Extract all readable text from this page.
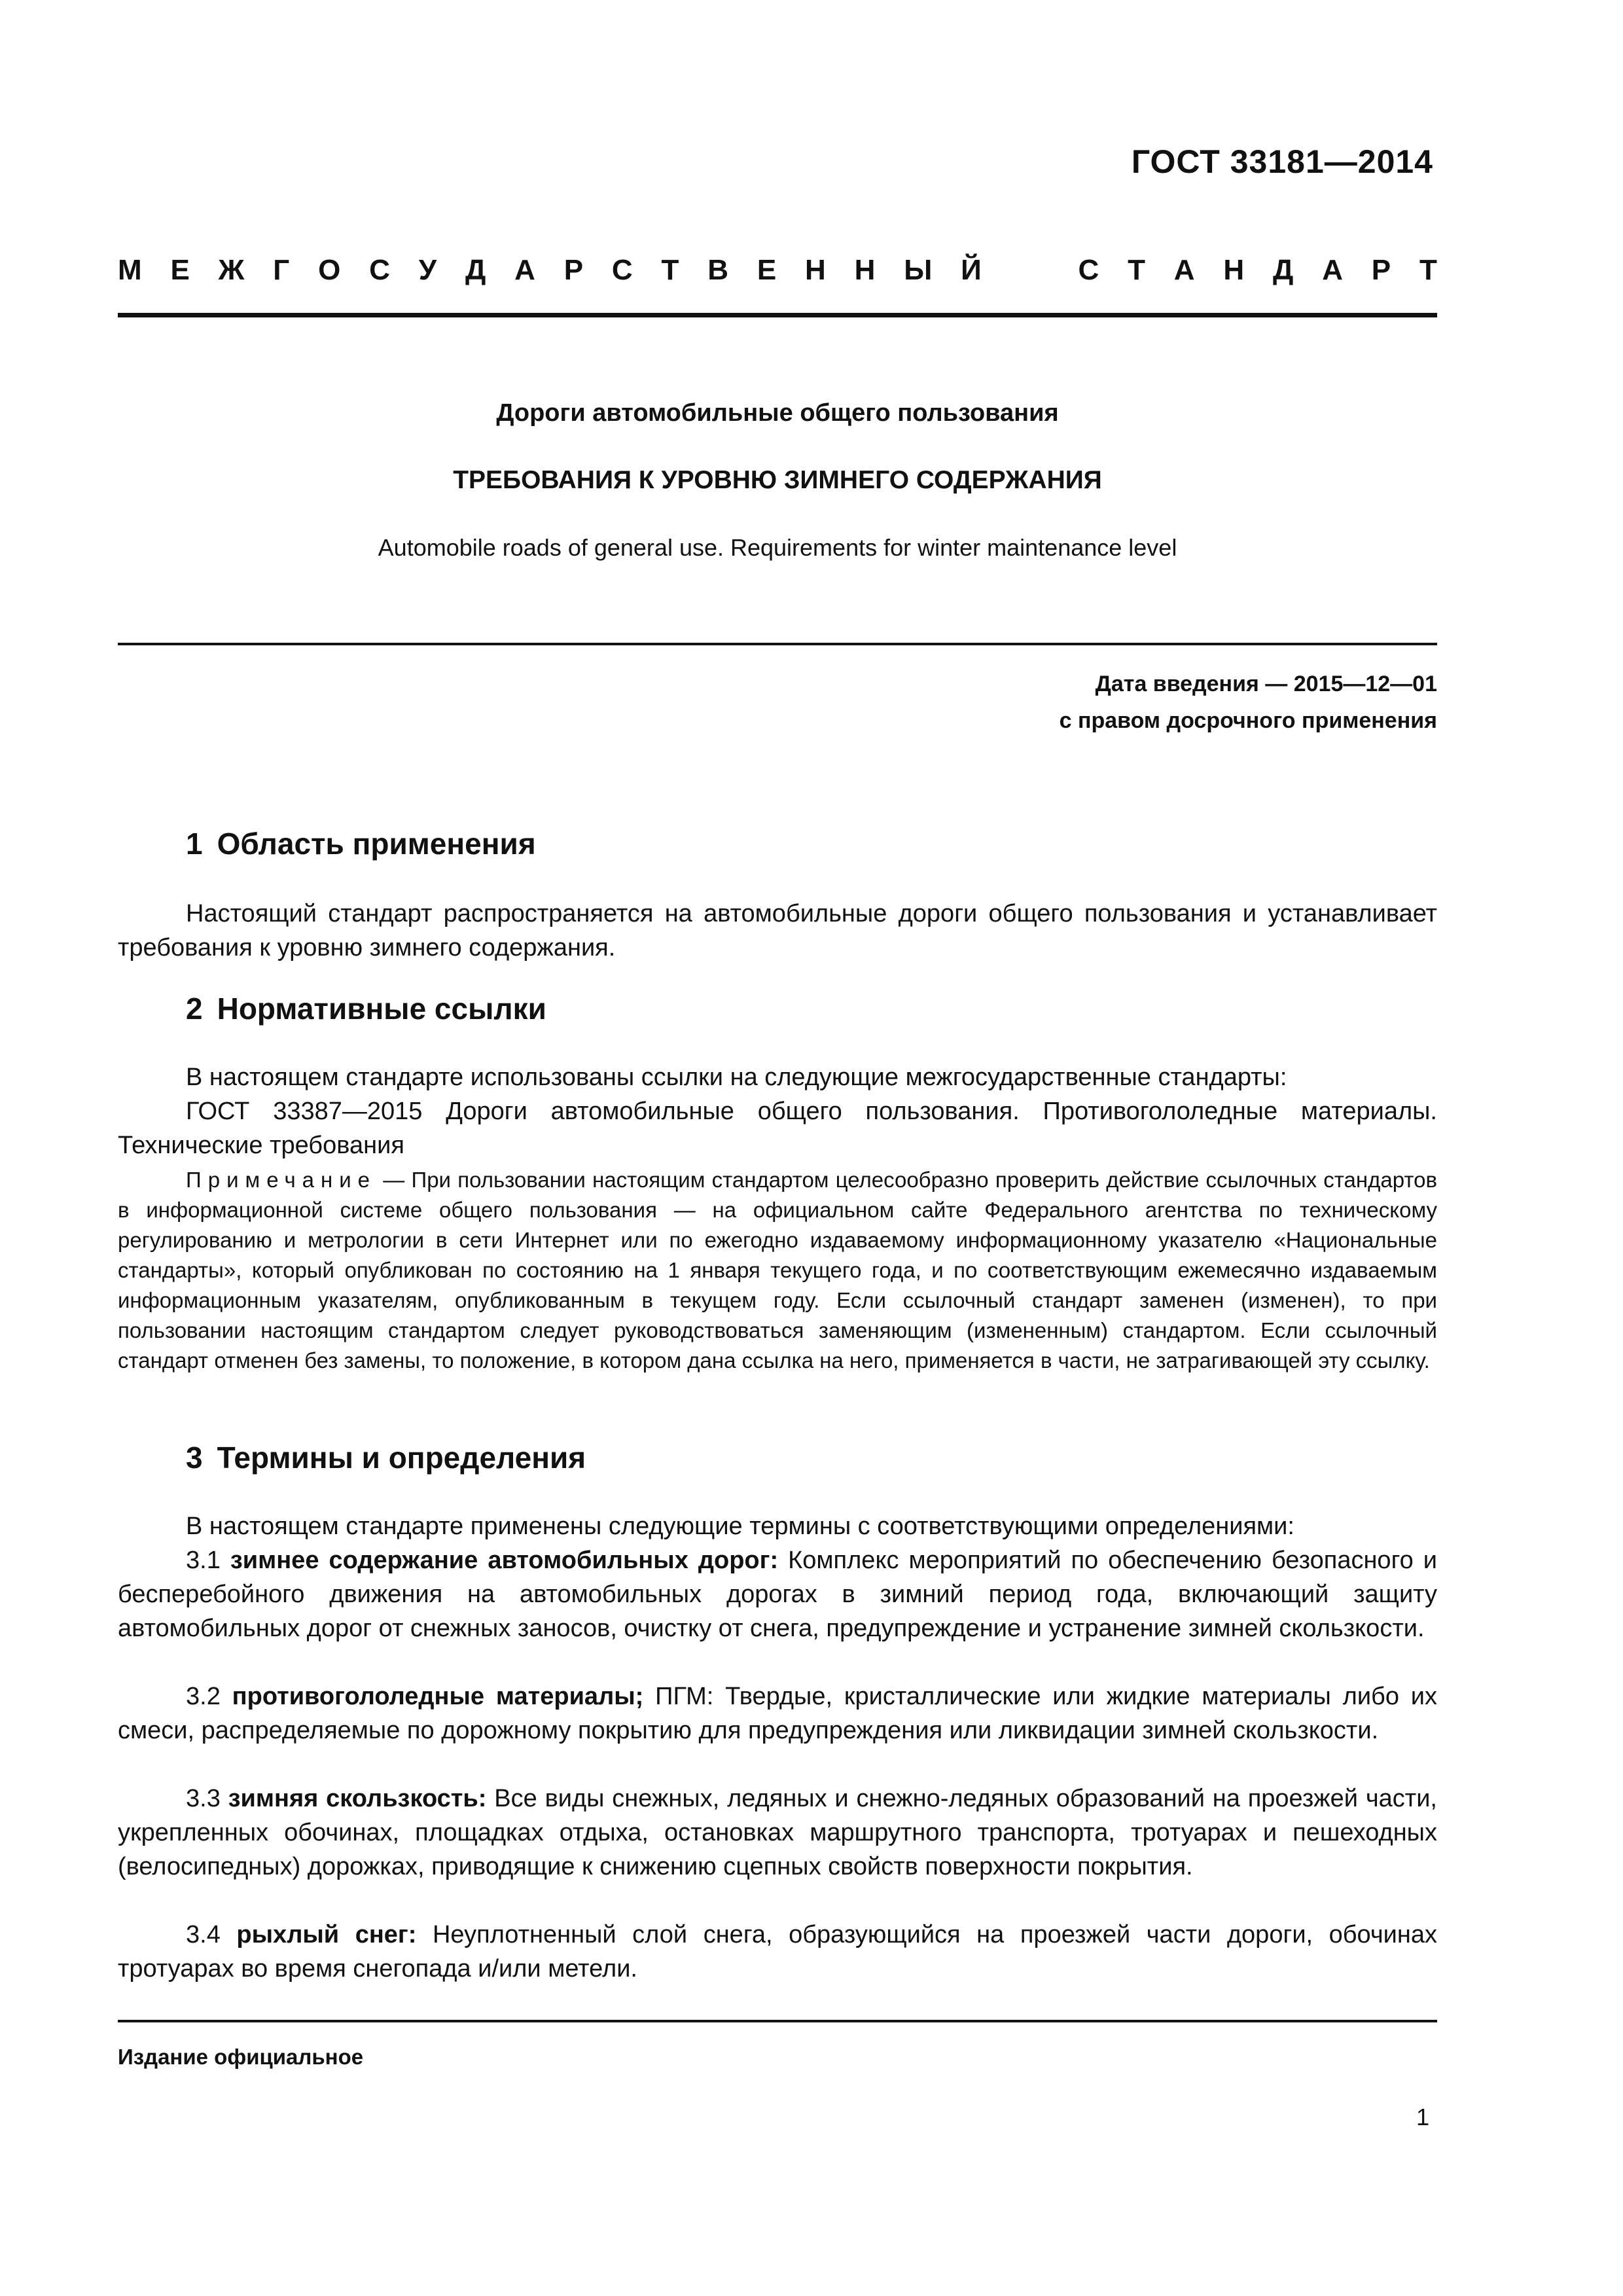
ГОСТ 33181—2014
М Е Ж Г О С У Д А Р С Т В Е Н Н Ы Й	С Т А Н Д А Р Т
Дороги автомобильные общего пользования
ТРЕБОВАНИЯ К УРОВНЮ ЗИМНЕГО СОДЕРЖАНИЯ
Automobile roads of general use. Requirements for winter maintenance level
Дата введения — 2015—12—01
с правом досрочного применения
1 Область применения
Настоящий стандарт распространяется на автомобильные дороги общего пользования и устанавливает требования к уровню зимнего содержания.
2 Нормативные ссылки
В настоящем стандарте использованы ссылки на следующие межгосударственные стандарты:
ГОСТ 33387—2015 Дороги автомобильные общего пользования. Противогололедные материалы. Технические требования
Примечание — При пользовании настоящим стандартом целесообразно проверить действие ссылочных стандартов в информационной системе общего пользования — на официальном сайте Федерального агентства по техническому регулированию и метрологии в сети Интернет или по ежегодно издаваемому информационному указателю «Национальные стандарты», который опубликован по состоянию на 1 января текущего года, и по соответствующим ежемесячно издаваемым информационным указателям, опубликованным в текущем году. Если ссылочный стандарт заменен (изменен), то при пользовании настоящим стандартом следует руководствоваться заменяющим (измененным) стандартом. Если ссылочный стандарт отменен без замены, то положение, в котором дана ссылка на него, применяется в части, не затрагивающей эту ссылку.
3 Термины и определения
В настоящем стандарте применены следующие термины с соответствующими определениями:
3.1 зимнее содержание автомобильных дорог: Комплекс мероприятий по обеспечению безопасного и бесперебойного движения на автомобильных дорогах в зимний период года, включающий защиту автомобильных дорог от снежных заносов, очистку от снега, предупреждение и устранение зимней скользкости.
3.2 противогололедные материалы; ПГМ: Твердые, кристаллические или жидкие материалы либо их смеси, распределяемые по дорожному покрытию для предупреждения или ликвидации зимней скользкости.
3.3 зимняя скользкость: Все виды снежных, ледяных и снежно-ледяных образований на проезжей части, укрепленных обочинах, площадках отдыха, остановках маршрутного транспорта, тротуарах и пешеходных (велосипедных) дорожках, приводящие к снижению сцепных свойств поверхности покрытия.
3.4 рыхлый снег: Неуплотненный слой снега, образующийся на проезжей части дороги, обочинах тротуарах во время снегопада и/или метели.
Издание официальное
1
